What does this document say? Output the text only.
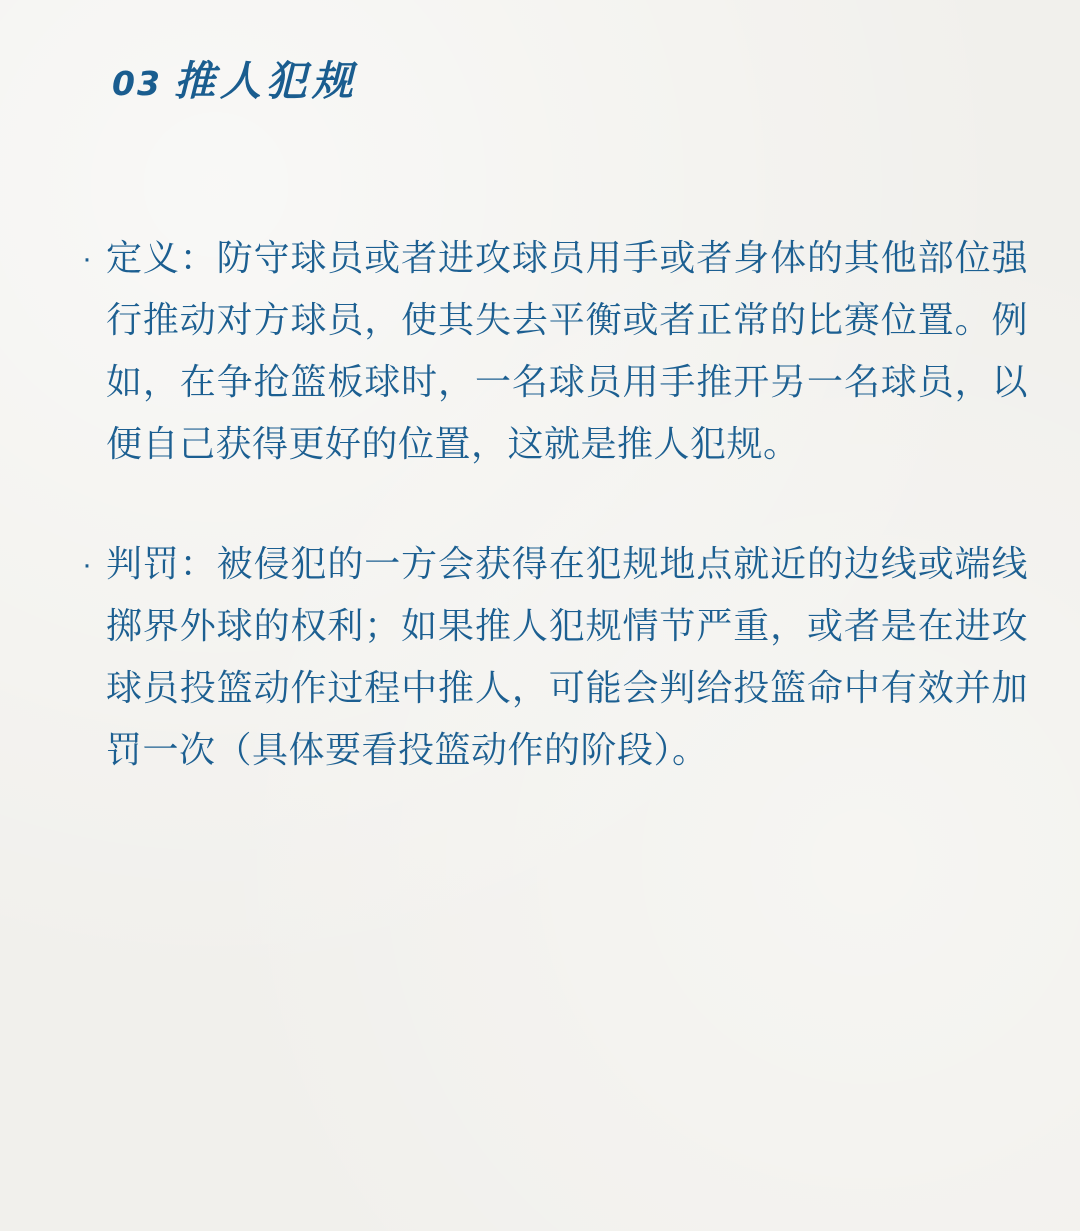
03 推人犯规
· 定义：防守球员或者进攻球员用手或者身体的其他部位强行推动对方球员，使其失去平衡或者正常的比赛位置。例如，在争抢篮板球时，一名球员用手推开另一名球员，以便自己获得更好的位置，这就是推人犯规。
· 判罚：被侵犯的一方会获得在犯规地点就近的边线或端线掷界外球的权利；如果推人犯规情节严重，或者是在进攻球员投篮动作过程中推人，可能会判给投篮命中有效并加罚一次（具体要看投篮动作的阶段）。
